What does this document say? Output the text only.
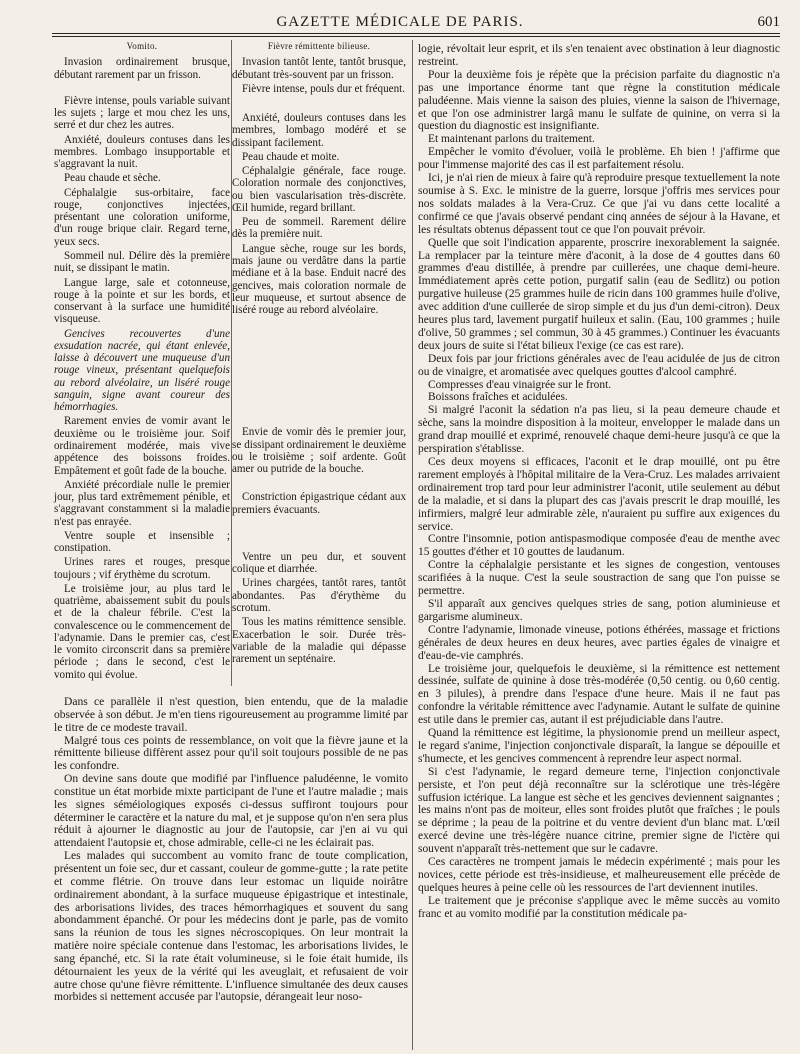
GAZETTE MÉDICALE DE PARIS.	601
Vomito.

Invasion ordinairement brusque, débutant rarement par un frisson.

Fièvre intense, pouls variable suivant les sujets ; large et mou chez les uns, serré et dur chez les autres.

Anxiété, douleurs contuses dans les membres. Lombago insupportable et s'aggravant la nuit.

Peau chaude et sèche.

Céphalalgie sus-orbitaire, face rouge, conjonctives injectées, présentant une coloration uniforme, d'un rouge brique clair. Regard terne, yeux secs.

Sommeil nul. Délire dès la première nuit, se dissipant le matin.

Langue large, sale et cotonneuse, rouge à la pointe et sur les bords, et conservant à la surface une humidité visqueuse.

Gencives recouvertes d'une exsudation nacrée, qui étant enlevée, laisse à découvert une muqueuse d'un rouge vineux, présentant quelquefois au rebord alvéolaire, un liséré rouge sanguin, signe avant coureur des hémorrhagies.

Rarement envies de vomir avant le deuxième ou le troisième jour. Soif ordinairement modérée, mais vive appétence des boissons froides. Empâtement et goût fade de la bouche.

Anxiété précordiale nulle le premier jour, plus tard extrêmement pénible, et s'aggravant constamment si la maladie n'est pas enrayée.

Ventre souple et insensible ; constipation.

Urines rares et rouges, presque toujours ; vif érythème du scrotum.

Le troisième jour, au plus tard le quatrième, abaissement subit du pouls et de la chaleur fébrile. C'est la convalescence ou le commencement de l'adynamie. Dans le premier cas, c'est le vomito circonscrit dans sa première période ; dans le second, c'est le vomito qui évolue.

Fièvre rémittente bilieuse.

Invasion tantôt lente, tantôt brusque, débutant très-souvent par un frisson.

Fièvre intense, pouls dur et fréquent.

Anxiété, douleurs contuses dans les membres, lombago modéré et se dissipant facilement.

Peau chaude et moite.

Céphalalgie générale, face rouge. Coloration normale des conjonctives, ou bien vascularisation très-discrète. Œil humide, regard brillant.

Peu de sommeil. Rarement délire dès la première nuit.

Langue sèche, rouge sur les bords, mais jaune ou verdâtre dans la partie médiane et à la base. Enduit nacré des gencives, mais coloration normale de leur muqueuse, et surtout absence de liséré rouge au rebord alvéolaire.

Envie de vomir dès le premier jour, se dissipant ordinairement le deuxième ou le troisième ; soif ardente. Goût amer ou putride de la bouche.

Constriction épigastrique cédant aux premiers évacuants.

Ventre un peu dur, et souvent colique et diarrhée.

Urines chargées, tantôt rares, tantôt abondantes. Pas d'érythème du scrotum.

Tous les matins rémittence sensible. Exacerbation le soir. Durée très-variable de la maladie qui dépasse rarement un septénaire.

Dans ce parallèle il n'est question, bien entendu, que de la maladie observée à son début. Je m'en tiens rigoureusement au programme limité par le titre de ce modeste travail.

Malgré tous ces points de ressemblance, on voit que la fièvre jaune et la rémittente bilieuse diffèrent assez pour qu'il soit toujours possible de ne pas les confondre.

On devine sans doute que modifié par l'influence paludéenne, le vomito constitue un état morbide mixte participant de l'une et l'autre maladie ; mais les signes séméiologiques exposés ci-dessus suffiront toujours pour déterminer le caractère et la nature du mal, et je suppose qu'on n'en sera plus réduit à ajourner le diagnostic au jour de l'autopsie, car j'en ai vu qui attendaient l'autopsie et, chose admirable, celle-ci ne les éclairait pas.

Les malades qui succombent au vomito franc de toute complication, présentent un foie sec, dur et cassant, couleur de gomme-gutte ; la rate petite et comme flétrie. On trouve dans leur estomac un liquide noirâtre ordinairement abondant, à la surface muqueuse épigastrique et intestinale, des arborisations livides, des traces hémorrhagiques et souvent du sang abondamment épanché. Or pour les médecins dont je parle, pas de vomito sans la réunion de tous les signes nécroscopiques. On leur montrait la matière noire spéciale contenue dans l'estomac, les arborisations livides, le sang épanché, etc. Si la rate était volumineuse, si le foie était humide, ils détournaient les yeux de la vérité qui les aveuglait, et refusaient de voir autre chose qu'une fièvre rémittente. L'influence simultanée des deux causes morbides si nettement accusée par l'autopsie, dérangeait leur noso-

logie, révoltait leur esprit, et ils s'en tenaient avec obstination à leur diagnostic restreint.

Pour la deuxième fois je répète que la précision parfaite du diagnostic n'a pas une importance énorme tant que règne la constitution médicale paludéenne. Mais vienne la saison des pluies, vienne la saison de l'hivernage, et que l'on ose administrer largâ manu le sulfate de quinine, on verra si la question du diagnostic est insignifiante.

Et maintenant parlons du traitement.

Empêcher le vomito d'évoluer, voilà le problème. Eh bien ! j'affirme que pour l'immense majorité des cas il est parfaitement résolu.

Ici, je n'ai rien de mieux à faire qu'à reproduire presque textuellement la note soumise à S. Exc. le ministre de la guerre, lorsque j'offris mes services pour nos soldats malades à la Vera-Cruz. Ce que j'ai vu dans cette localité a confirmé ce que j'avais observé pendant cinq années de séjour à la Havane, et les résultats obtenus dépassent tout ce que l'on pouvait prévoir.

Quelle que soit l'indication apparente, proscrire inexorablement la saignée. La remplacer par la teinture mère d'aconit, à la dose de 4 gouttes dans 60 grammes d'eau distillée, à prendre par cuillerées, une chaque demi-heure. Immédiatement après cette potion, purgatif salin (eau de Sedlitz) ou potion purgative huileuse (25 grammes huile de ricin dans 100 grammes huile d'olive, avec addition d'une cuillerée de sirop simple et du jus d'un demi-citron). Deux heures plus tard, lavement purgatif huileux et salin. (Eau, 100 grammes ; huile d'olive, 50 grammes ; sel commun, 30 à 45 grammes.) Continuer les évacuants deux jours de suite si l'état bilieux l'exige (ce cas est rare).

Deux fois par jour frictions générales avec de l'eau acidulée de jus de citron ou de vinaigre, et aromatisée avec quelques gouttes d'alcool camphré.

Compresses d'eau vinaigrée sur le front.

Boissons fraîches et acidulées.

Si malgré l'aconit la sédation n'a pas lieu, si la peau demeure chaude et sèche, sans la moindre disposition à la moiteur, envelopper le malade dans un grand drap mouillé et exprimé, renouvelé chaque demi-heure jusqu'à ce que la perspiration s'établisse.

Ces deux moyens si efficaces, l'aconit et le drap mouillé, ont pu être rarement employés à l'hôpital militaire de la Vera-Cruz. Les malades arrivaient ordinairement trop tard pour leur administrer l'aconit, utile seulement au début de la maladie, et si dans la plupart des cas j'avais prescrit le drap mouillé, les infirmiers, malgré leur admirable zèle, n'auraient pu suffire aux exigences du service.

Contre l'insomnie, potion antispasmodique composée d'eau de menthe avec 15 gouttes d'éther et 10 gouttes de laudanum.

Contre la céphalalgie persistante et les signes de congestion, ventouses scarifiées à la nuque. C'est la seule soustraction de sang que l'on puisse se permettre.

S'il apparaît aux gencives quelques stries de sang, potion aluminieuse et gargarisme alumineux.

Contre l'adynamie, limonade vineuse, potions éthérées, massage et frictions générales de deux heures en deux heures, avec parties égales de vinaigre et d'eau-de-vie camphrés.

Le troisième jour, quelquefois le deuxième, si la rémittence est nettement dessinée, sulfate de quinine à dose très-modérée (0,50 centig. ou 0,60 centig. en 3 pilules), à prendre dans l'espace d'une heure. Mais il ne faut pas confondre la véritable rémittence avec l'adynamie. Autant le sulfate de quinine est utile dans le premier cas, autant il est préjudiciable dans l'autre.

Quand la rémittence est légitime, la physionomie prend un meilleur aspect, le regard s'anime, l'injection conjonctivale disparaît, la langue se dépouille et s'humecte, et les gencives commencent à reprendre leur aspect normal.

Si c'est l'adynamie, le regard demeure terne, l'injection conjonctivale persiste, et l'on peut déjà reconnaître sur la sclérotique une très-légère suffusion ictérique. La langue est sèche et les gencives deviennent saignantes ; les mains n'ont pas de moiteur, elles sont froides plutôt que fraîches ; le pouls se déprime ; la peau de la poitrine et du ventre devient d'un blanc mat. L'œil exercé devine une très-légère nuance citrine, premier signe de l'ictère qui souvent n'apparaît très-nettement que sur le cadavre.

Ces caractères ne trompent jamais le médecin expérimenté ; mais pour les novices, cette période est très-insidieuse, et malheureusement elle précède de quelques heures à peine celle où les ressources de l'art deviennent inutiles.

Le traitement que je préconise s'applique avec le même succès au vomito franc et au vomito modifié par la constitution médicale pa-
